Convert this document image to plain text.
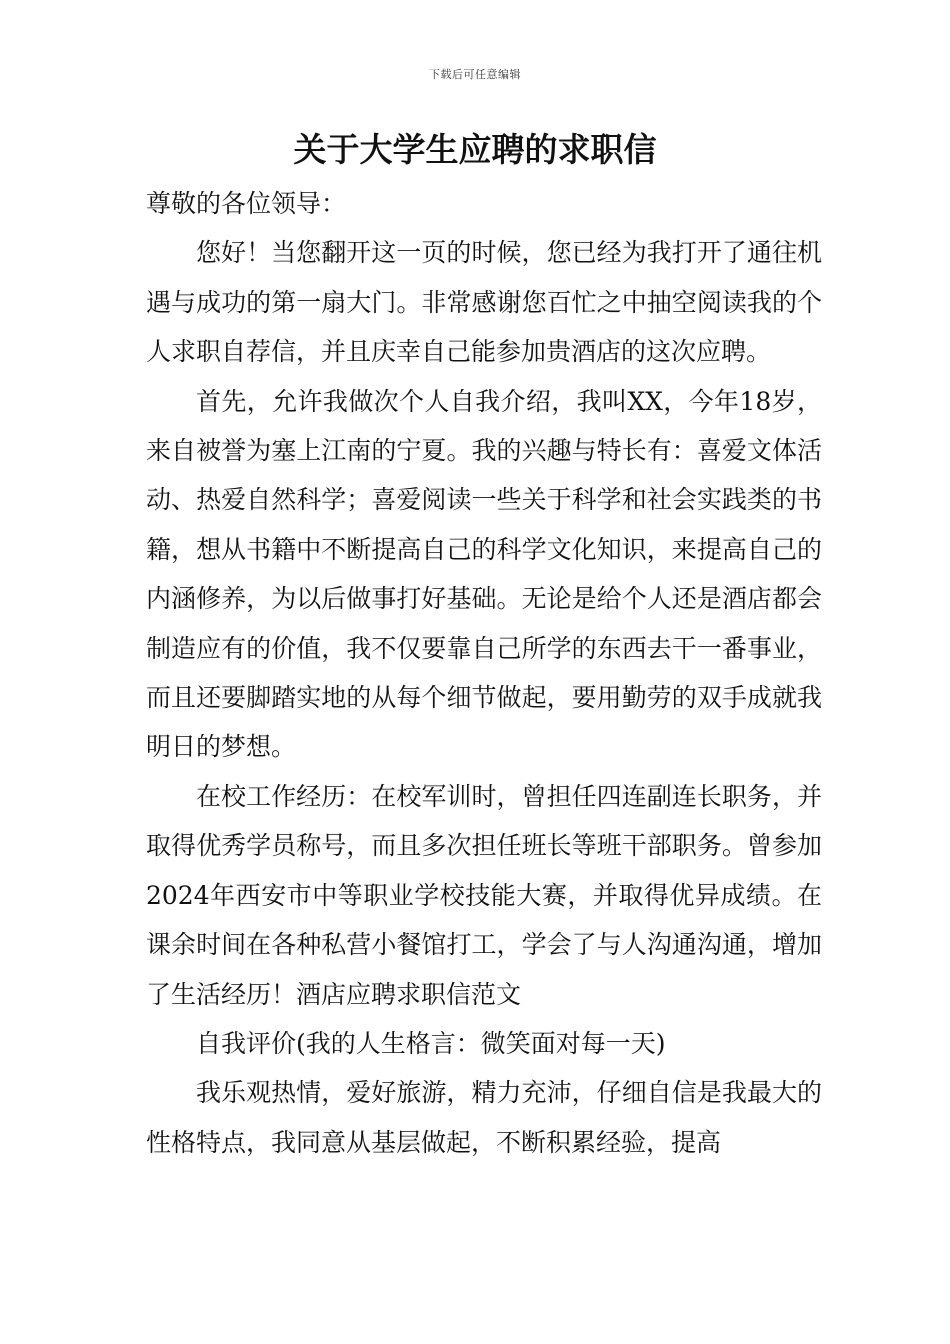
下载后可任意编辑
关于大学生应聘的求职信

尊敬的各位领导：

您好！当您翻开这一页的时候，您已经为我打开了通往机遇与成功的第一扇大门。非常感谢您百忙之中抽空阅读我的个人求职自荐信，并且庆幸自己能参加贵酒店的这次应聘。

首先，允许我做次个人自我介绍，我叫XX，今年18岁，来自被誉为塞上江南的宁夏。我的兴趣与特长有：喜爱文体活动、热爱自然科学；喜爱阅读一些关于科学和社会实践类的书籍，想从书籍中不断提高自己的科学文化知识，来提高自己的内涵修养，为以后做事打好基础。无论是给个人还是酒店都会制造应有的价值，我不仅要靠自己所学的东西去干一番事业，而且还要脚踏实地的从每个细节做起，要用勤劳的双手成就我明日的梦想。

在校工作经历：在校军训时，曾担任四连副连长职务，并取得优秀学员称号，而且多次担任班长等班干部职务。曾参加2024年西安市中等职业学校技能大赛，并取得优异成绩。在课余时间在各种私营小餐馆打工，学会了与人沟通沟通，增加了生活经历！酒店应聘求职信范文

自我评价(我的人生格言：微笑面对每一天)

我乐观热情，爱好旅游，精力充沛，仔细自信是我最大的性格特点，我同意从基层做起，不断积累经验，提高
